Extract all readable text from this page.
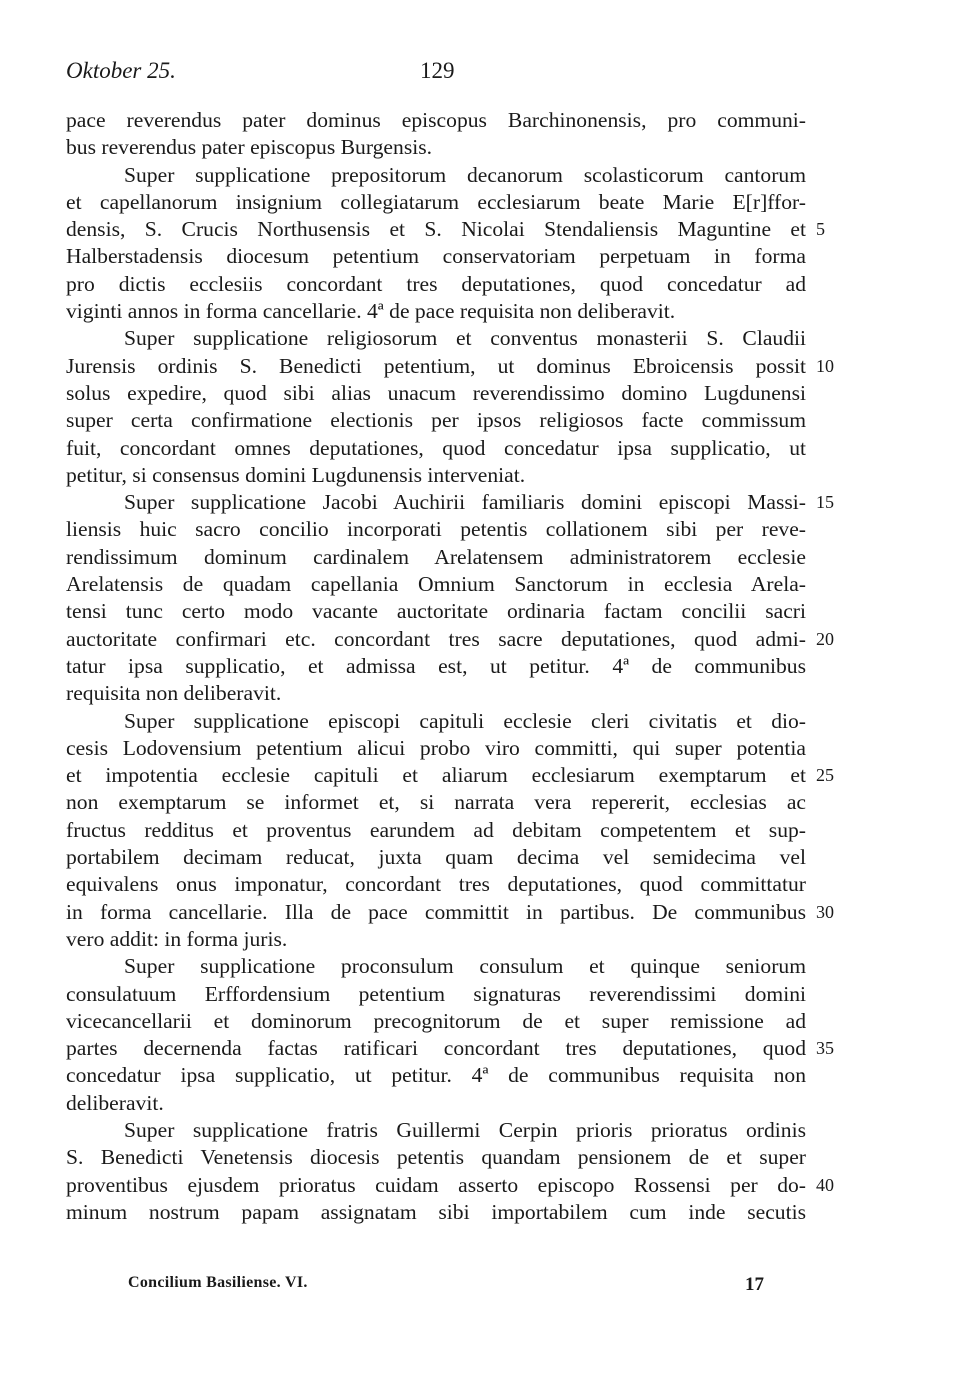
Oktober 25.	129
pace reverendus pater dominus episcopus Barchinonensis, pro communi-
bus reverendus pater episcopus Burgensis.
Super supplicatione prepositorum decanorum scolasticorum cantorum
et capellanorum insignium collegiatarum ecclesiarum beate Marie E[r]ffor-
densis, S. Crucis Northusensis et S. Nicolai Stendaliensis Maguntine et 5
Halberstadensis diocesum petentium conservatoriam perpetuam in forma
pro dictis ecclesiis concordant tres deputationes, quod concedatur ad
viginti annos in forma cancellarie. 4ª de pace requisita non deliberavit.
Super supplicatione religiosorum et conventus monasterii S. Claudii
Jurensis ordinis S. Benedicti petentium, ut dominus Ebroicensis possit 10
solus expedire, quod sibi alias unacum reverendissimo domino Lugdunensi
super certa confirmatione electionis per ipsos religiosos facte commissum
fuit, concordant omnes deputationes, quod concedatur ipsa supplicatio, ut
petitur, si consensus domini Lugdunensis interveniat.
Super supplicatione Jacobi Auchirii familiaris domini episcopi Massi- 15
liensis huic sacro concilio incorporati petentis collationem sibi per reve-
rendissimum dominum cardinalem Arelatensem administratorem ecclesie
Arelatensis de quadam capellania Omnium Sanctorum in ecclesia Arela-
tensi tunc certo modo vacante auctoritate ordinaria factam concilii sacri
auctoritate confirmari etc. concordant tres sacre deputationes, quod admi- 20
tatur ipsa supplicatio, et admissa est, ut petitur. 4ª de communibus
requisita non deliberavit.
Super supplicatione episcopi capituli ecclesie cleri civitatis et dio-
cesis Lodovensium petentium alicui probo viro committi, qui super potentia
et impotentia ecclesie capituli et aliarum ecclesiarum exemptarum et 25
non exemptarum se informet et, si narrata vera repererit, ecclesias ac
fructus redditus et proventus earundem ad debitam competentem et sup-
portabilem decimam reducat, juxta quam decima vel semidecima vel
equivalens onus imponatur, concordant tres deputationes, quod committatur
in forma cancellarie. Illa de pace committit in partibus. De communibus 30
vero addit: in forma juris.
Super supplicatione proconsulum consulum et quinque seniorum
consulatuum Erffordensium petentium signaturas reverendissimi domini
vicecancellarii et dominorum precognitorum de et super remissione ad
partes decernenda factas ratificari concordant tres deputationes, quod 35
concedatur ipsa supplicatio, ut petitur. 4ª de communibus requisita non
deliberavit.
Super supplicatione fratris Guillermi Cerpin prioris prioratus ordinis
S. Benedicti Venetensis diocesis petentis quandam pensionem de et super
proventibus ejusdem prioratus cuidam asserto episcopo Rossensi per do- 40
minum nostrum papam assignatam sibi importabilem cum inde secutis
Concilium Basiliense. VI.	17
